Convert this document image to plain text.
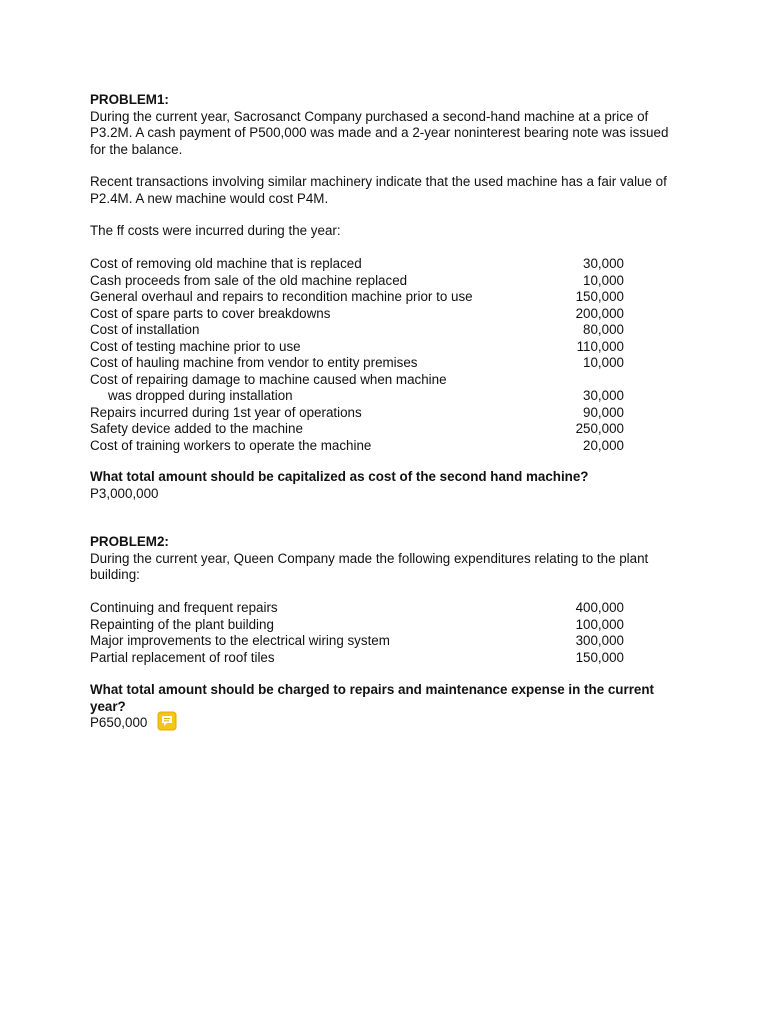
PROBLEM1:

During the current year, Sacrosanct Company purchased a second-hand machine at a price of P3.2M. A cash payment of P500,000 was made and a 2-year noninterest bearing note was issued for the balance.

Recent transactions involving similar machinery indicate that the used machine has a fair value of P2.4M. A new machine would cost P4M.

The ff costs were incurred during the year:

Cost of removing old machine that is replaced	30,000
Cash proceeds from sale of the old machine replaced	10,000
General overhaul and repairs to recondition machine prior to use	150,000
Cost of spare parts to cover breakdowns	200,000
Cost of installation	80,000
Cost of testing machine prior to use	110,000
Cost of hauling machine from vendor to entity premises	10,000
Cost of repairing damage to machine caused when machine
was dropped during installation	30,000
Repairs incurred during 1st year of operations	90,000
Safety device added to the machine	250,000
Cost of training workers to operate the machine	20,000
What total amount should be capitalized as cost of the second hand machine?
P3,000,000
PROBLEM2:

During the current year, Queen Company made the following expenditures relating to the plant building:

Continuing and frequent repairs	400,000
Repainting of the plant building	100,000
Major improvements to the electrical wiring system	300,000
Partial replacement of roof tiles	150,000
What total amount should be charged to repairs and maintenance expense in the current year?
P650,000
